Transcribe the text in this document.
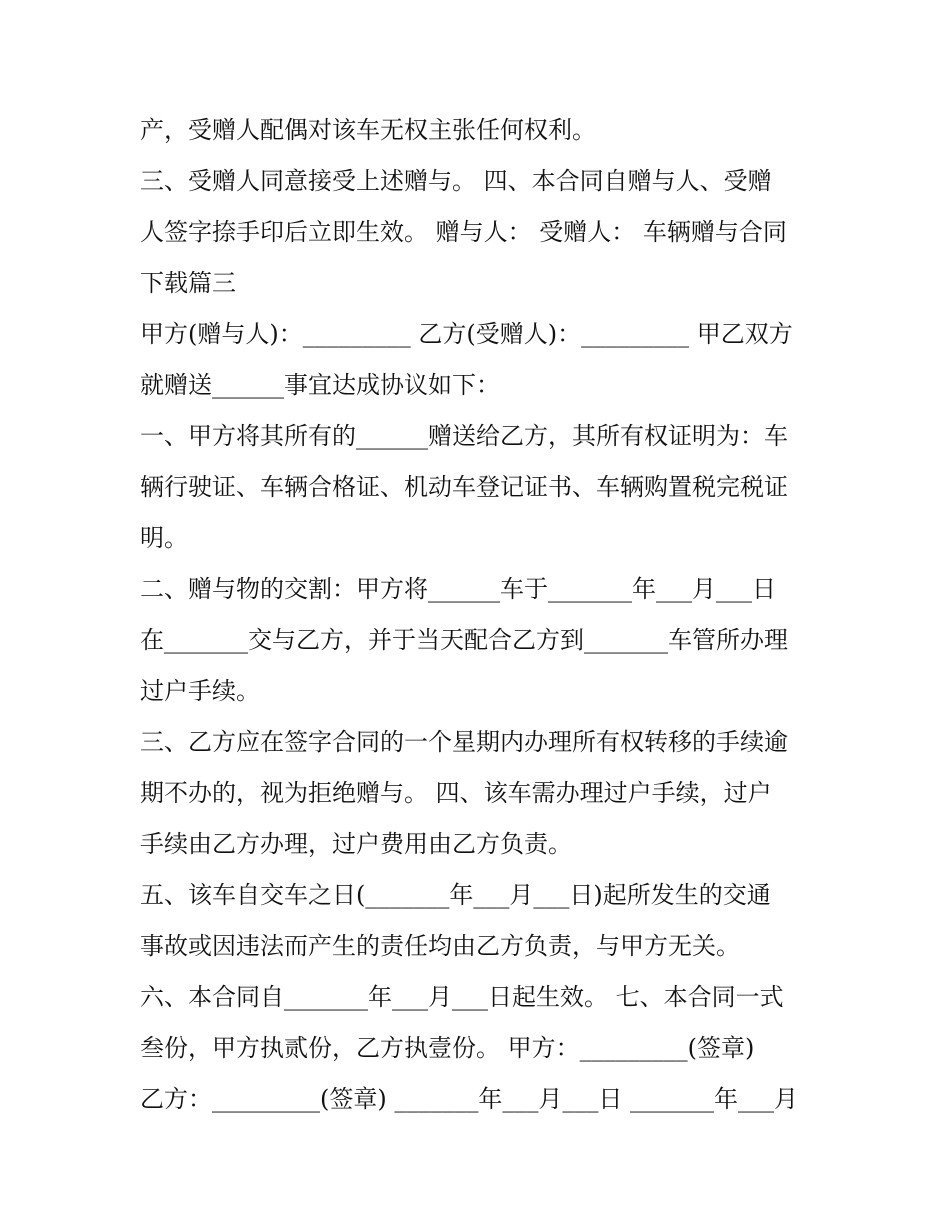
产，受赠人配偶对该车无权主张任何权利。
三、受赠人同意接受上述赠与。 四、本合同自赠与人、受赠
人签字捺手印后立即生效。 赠与人： 受赠人： 车辆赠与合同
下载篇三
甲方(赠与人)：_________ 乙方(受赠人)：_________ 甲乙双方
就赠送______事宜达成协议如下：
一、甲方将其所有的______赠送给乙方，其所有权证明为：车
辆行驶证、车辆合格证、机动车登记证书、车辆购置税完税证
明。
二、赠与物的交割：甲方将______车于_______年___月___日
在_______交与乙方，并于当天配合乙方到_______车管所办理
过户手续。
三、乙方应在签字合同的一个星期内办理所有权转移的手续逾
期不办的，视为拒绝赠与。 四、该车需办理过户手续，过户
手续由乙方办理，过户费用由乙方负责。
五、该车自交车之日(_______年___月___日)起所发生的交通
事故或因违法而产生的责任均由乙方负责，与甲方无关。
六、本合同自_______年___月___日起生效。 七、本合同一式
叁份，甲方执贰份，乙方执壹份。 甲方：_________(签章)
乙方：_________(签章) _______年___月___日 _______年___月
